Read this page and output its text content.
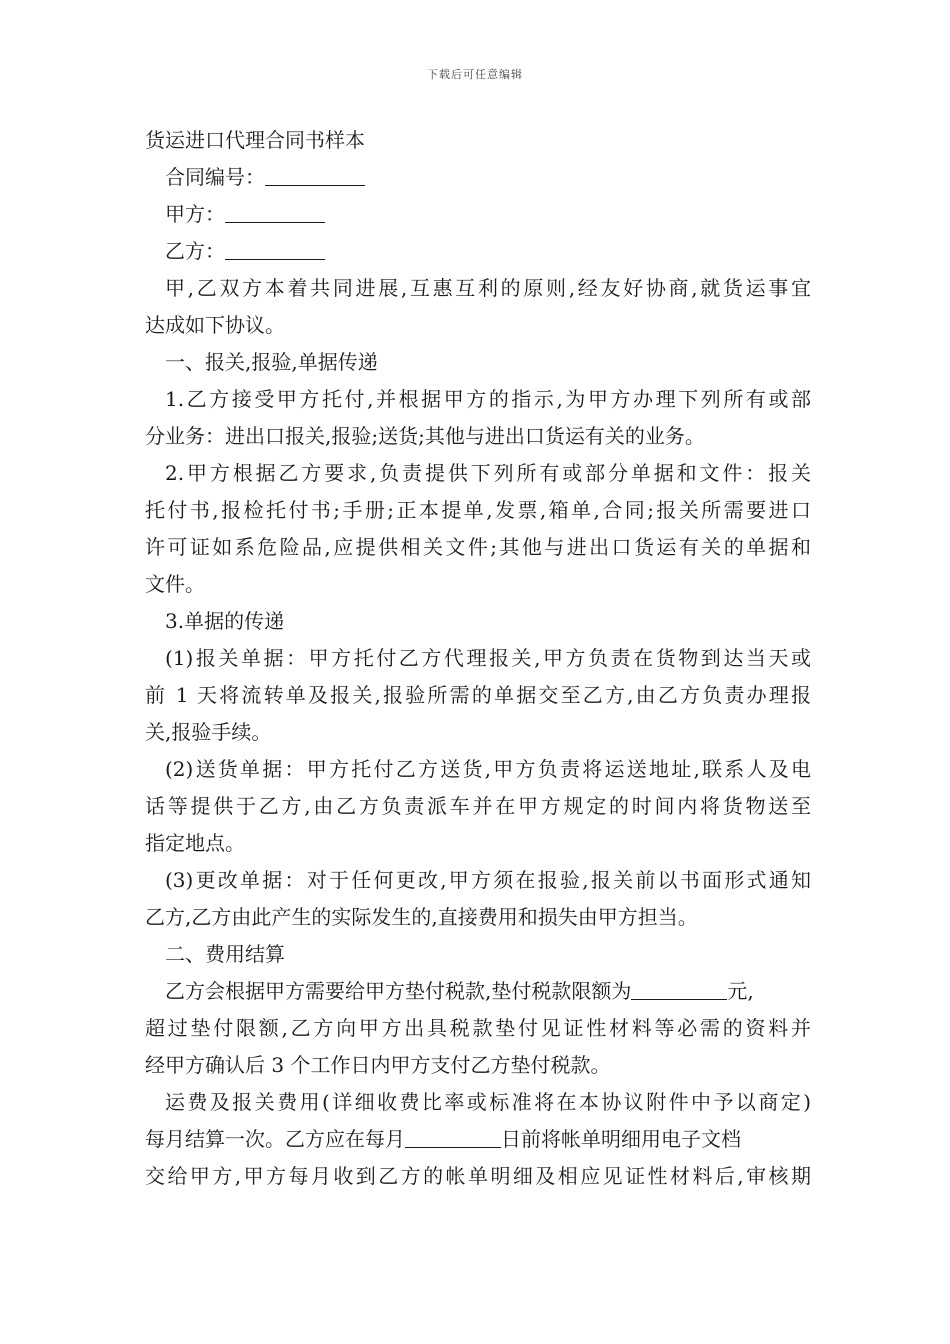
下载后可任意编辑
货运进口代理合同书样本
合同编号：
甲方：
乙方：
甲,乙双方本着共同进展,互惠互利的原则,经友好协商,就货运事宜
达成如下协议。
一、报关,报验,单据传递
1.乙方接受甲方托付,并根据甲方的指示,为甲方办理下列所有或部
分业务：进出口报关,报验;送货;其他与进出口货运有关的业务。
2.甲方根据乙方要求,负责提供下列所有或部分单据和文件：报关
托付书,报检托付书;手册;正本提单,发票,箱单,合同;报关所需要进口
许可证如系危险品,应提供相关文件;其他与进出口货运有关的单据和
文件。
3.单据的传递
(1)报关单据：甲方托付乙方代理报关,甲方负责在货物到达当天或
前 1 天将流转单及报关,报验所需的单据交至乙方,由乙方负责办理报
关,报验手续。
(2)送货单据：甲方托付乙方送货,甲方负责将运送地址,联系人及电
话等提供于乙方,由乙方负责派车并在甲方规定的时间内将货物送至
指定地点。
(3)更改单据：对于任何更改,甲方须在报验,报关前以书面形式通知
乙方,乙方由此产生的实际发生的,直接费用和损失由甲方担当。
二、费用结算
乙方会根据甲方需要给甲方垫付税款,垫付税款限额为	元,
超过垫付限额,乙方向甲方出具税款垫付见证性材料等必需的资料并
经甲方确认后 3 个工作日内甲方支付乙方垫付税款。
运费及报关费用(详细收费比率或标准将在本协议附件中予以商定)
每月结算一次。乙方应在每月	日前将帐单明细用电子文档
交给甲方,甲方每月收到乙方的帐单明细及相应见证性材料后,审核期
